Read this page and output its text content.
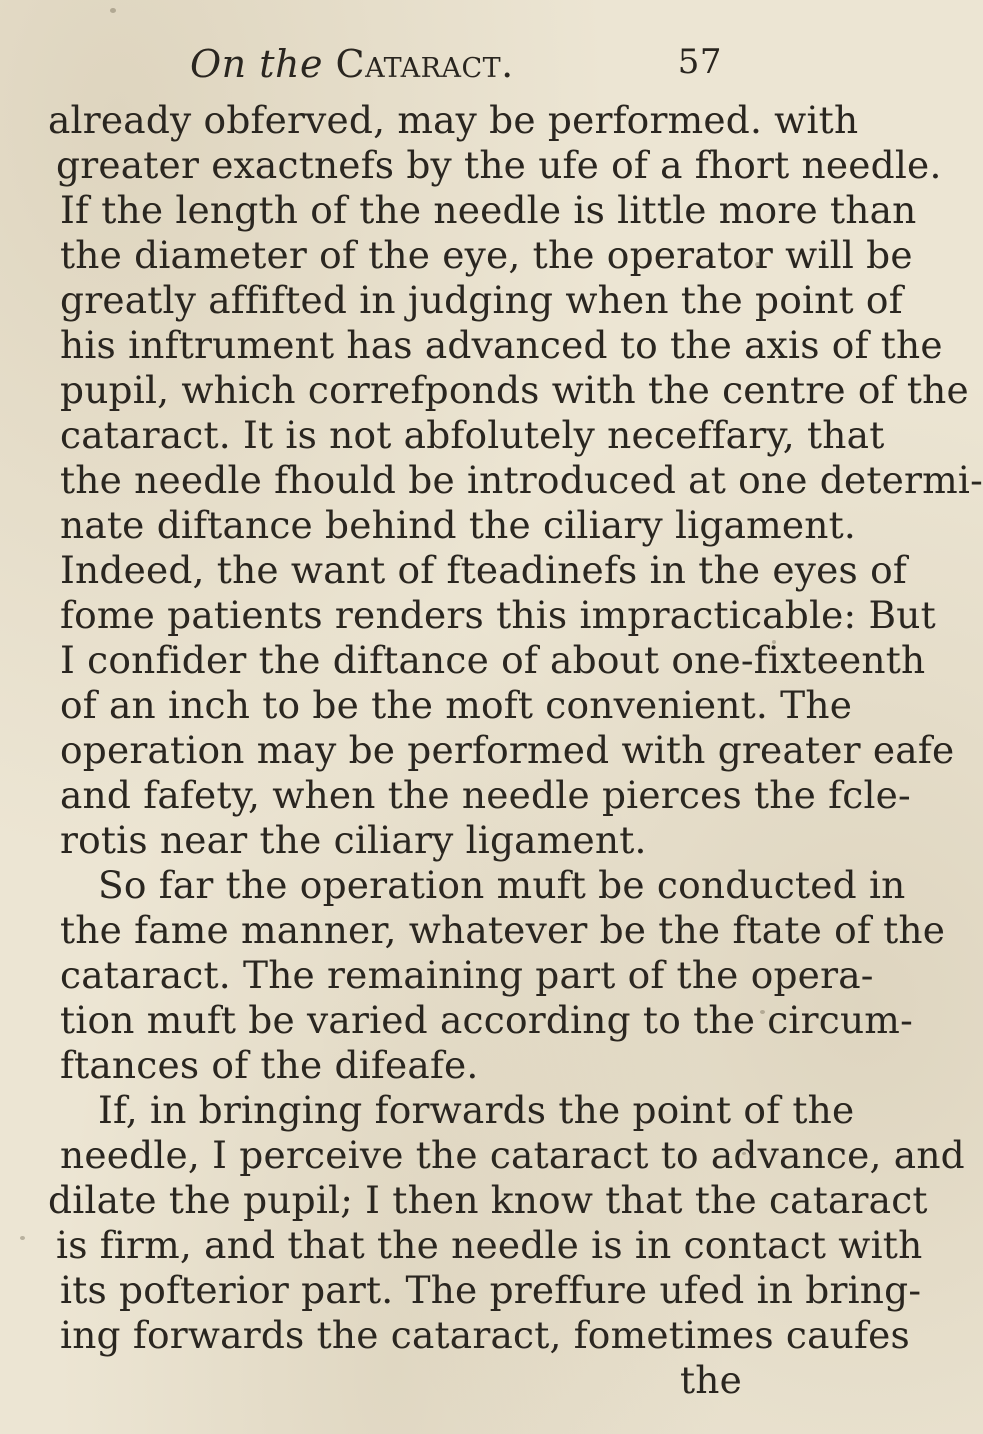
On the Cataract.	57
already obferved, may be performed. with
greater exactnefs by the ufe of a fhort needle.
If the length of the needle is little more than
the diameter of the eye, the operator will be
greatly affifted in judging when the point of
his inftrument has advanced to the axis of the
pupil, which correfponds with the centre of the
cataract. It is not abfolutely neceffary, that
the needle fhould be introduced at one determi-
nate diftance behind the ciliary ligament.
Indeed, the want of fteadinefs in the eyes of
fome patients renders this impracticable: But
I confider the diftance of about one-fixteenth
of an inch to be the moft convenient. The
operation may be performed with greater eafe
and fafety, when the needle pierces the fcle-
rotis near the ciliary ligament.
So far the operation muft be conducted in
the fame manner, whatever be the ftate of the
cataract. The remaining part of the opera-
tion muft be varied according to the circum-
ftances of the difeafe.
If, in bringing forwards the point of the
needle, I perceive the cataract to advance, and
dilate the pupil; I then know that the cataract
is firm, and that the needle is in contact with
its pofterior part. The preffure ufed in bring-
ing forwards the cataract, fometimes caufes
the
